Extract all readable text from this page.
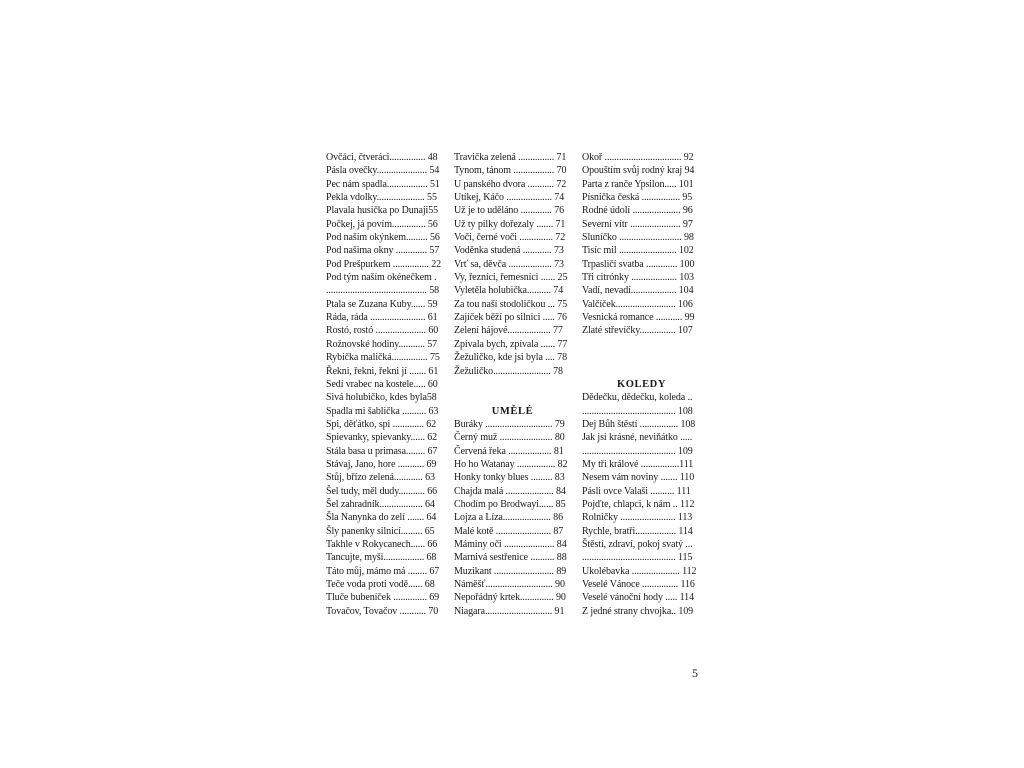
Ovčáci, čtveráci............... 48
Pásla ovečky..................... 54
Pec nám spadla................. 51
Pekla vdolky.................... 55
Plavala husička po Dunaji55
Počkej, já povím.............. 56
Pod naším okýnkem......... 56
Pod našima okny ............. 57
Pod Prešpurkem ............... 22
Pod tým naším okénečkem .
.......................................... 58
Ptala se Zuzana Kuby...... 59
Ráda, ráda ....................... 61
Rostó, rostó ..................... 60
Rožnovské hodiny........... 57
Rybička maličká............... 75
Řekni, řekni, řekni jí ....... 61
Sedí vrabec na kostele..... 60
Sivá holubičko, kdes byla58
Spadla mi šablička .......... 63
Spi, děťátko, spi ............. 62
Spievanky, spievanky...... 62
Stála basa u primasa........ 67
Stávaj, Jano, hore ........... 69
Stůj, břízo zelená............ 63
Šel tudy, měl dudy........... 66
Šel zahradník.................. 64
Šla Nanynka do zelí ....... 64
Šly panenky silnicí......... 65
Takhle v Rokycanech...... 66
Tancujte, myši................. 68
Táto můj, mámo má ........ 67
Teče voda proti vodě...... 68
Tluče bubeníček .............. 69
Tovačov, Tovačov ........... 70
Travička zelená ............... 71
Tynom, tánom ................. 70
U panského dvora ........... 72
Utíkej, Káčo ................... 74
Už je to uděláno ............. 76
Už ty pilky dořezaly ....... 71
Voči, černé voči .............. 72
Voděnka studená ............ 73
Vrť sa, děvča .................. 73
Vy, řezníci, řemesníci ...... 25
Vyletěla holubička.......... 74
Za tou naší stodoličkou ... 75
Zajíček běží po silnici ..... 76
Zelení hájové.................. 77
Zpívala bych, zpívala ...... 77
Žežuličko, kde jsi byla .... 78
Žežuličko........................ 78
UMĚLÉ
Buráky ............................ 79
Černý muž ...................... 80
Červená řeka .................. 81
Ho ho Watanay ................ 82
Honky tonky blues ......... 83
Chajda malá .................... 84
Chodím po Brodwayi...... 85
Lojza a Líza.................... 86
Malé kotě ....................... 87
Máminy oči ..................... 84
Marnivá sestřenice .......... 88
Muzikant ......................... 89
Náměšť............................ 90
Nepořádný krtek.............. 90
Niagara............................ 91
Okoř ................................ 92
Opouštím svůj rodný kraj 94
Parta z ranče Ypsilon..... 101
Písnička česká ................ 95
Rodné údolí .................... 96
Severní vítr ..................... 97
Sluníčko .......................... 98
Tisíc mil ........................ 102
Trpasličí svatba ............. 100
Tři citrónky ................... 103
Vadí, nevadí................... 104
Valčíček......................... 106
Vesnická romance ........... 99
Zlaté střevíčky............... 107
KOLEDY
Dědečku, dědečku, koleda ..
....................................... 108
Dej Bůh štěstí ................ 108
Jak jsi krásné, neviňátko .....
....................................... 109
My tři králové ................111
Nesem vám noviny ....... 110
Pásli ovce Valaši .......... 111
Pojďte, chlapci, k nám .. 112
Rolničky ....................... 113
Rychle, bratři................. 114
Štěstí, zdraví, pokoj svatý ...
....................................... 115
Ukolébavka .................... 112
Veselé Vánoce ............... 116
Veselé vánoční hody ..... 114
Z jedné strany chvojka.. 109
5
